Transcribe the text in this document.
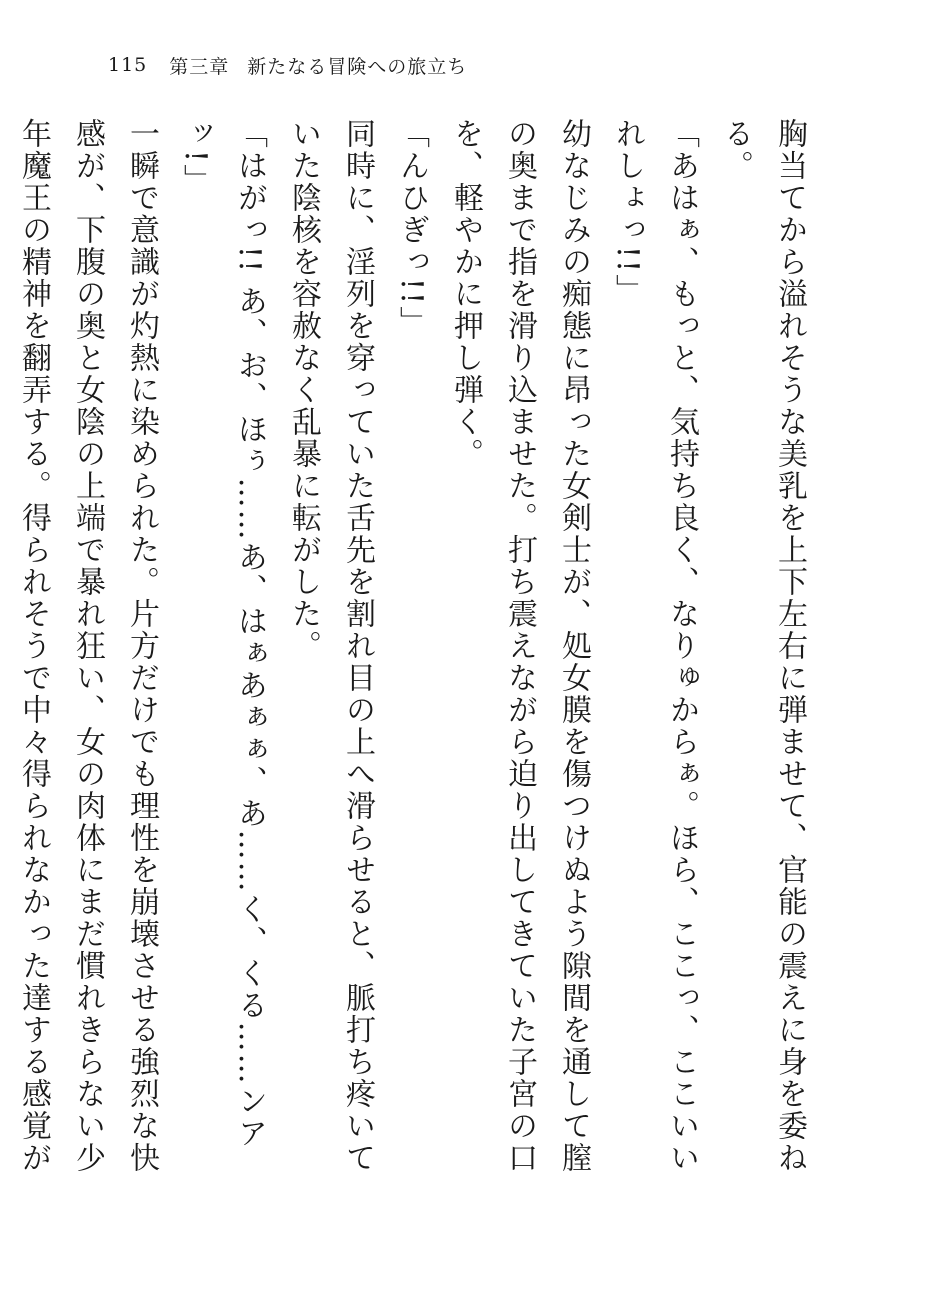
115 第三章 新たなる冒険への旅立ち

胸当てから溢れそうな美乳を上下左右に弾ませて、官能の震えに身を委ねる。

「あはぁ、もっと、気持ち良く、なりゅからぁ。ほら、ここっ、ここいいれしょっ!!」

幼なじみの痴態に昂った女剣士が、処女膜を傷つけぬよう隙間を通して膣の奥まで指を滑り込ませた。打ち震えながら迫り出してきていた子宮の口を、軽やかに押し弾く。

「んひぎっ!!」

同時に、淫列を穿っていた舌先を割れ目の上へ滑らせると、脈打ち疼いていた陰核を容赦なく乱暴に転がした。

「はがっ!! あ、お、ほぅ……あ、はぁあぁぁ、あ……く、くる……ンアッ!」

一瞬で意識が灼熱に染められた。片方だけでも理性を崩壊させる強烈な快感が、下腹の奥と女陰の上端で暴れ狂い、女の肉体にまだ慣れきらない少年魔王の精神を翻弄する。得られそうで中々得られなかった達する感覚が
